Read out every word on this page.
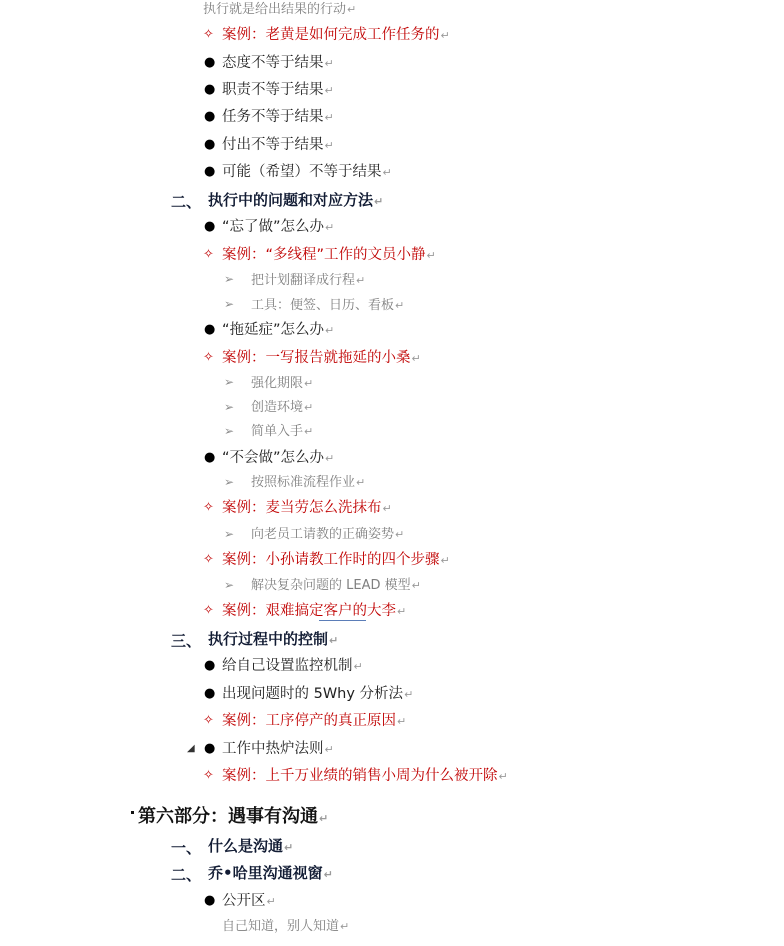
执行就是给出结果的行动↵
✧ 案例：老黄是如何完成工作任务的↵
● 态度不等于结果↵
● 职责不等于结果↵
● 任务不等于结果↵
● 付出不等于结果↵
● 可能（希望）不等于结果↵
二、 执行中的问题和对应方法↵
● “忘了做”怎么办↵
✧ 案例：“多线程”工作的文员小静↵
➢ 把计划翻译成行程↵
➢ 工具：便签、日历、看板↵
● “拖延症”怎么办↵
✧ 案例：一写报告就拖延的小桑↵
➢ 强化期限↵
➢ 创造环境↵
➢ 简单入手↵
● “不会做”怎么办↵
➢ 按照标准流程作业↵
✧ 案例：麦当劳怎么洗抹布↵
➢ 向老员工请教的正确姿势↵
✧ 案例：小孙请教工作时的四个步骤↵
➢ 解决复杂问题的 LEAD 模型↵
✧ 案例：艰难搞定客户的大李↵
三、 执行过程中的控制↵
● 给自己设置监控机制↵
● 出现问题时的 5Why 分析法↵
✧ 案例：工序停产的真正原因↵
◢ ● 工作中热炉法则↵
✧ 案例：上千万业绩的销售小周为什么被开除↵
第六部分：遇事有沟通↵
一、 什么是沟通↵
二、 乔•哈里沟通视窗↵
● 公开区↵
自己知道，别人知道↵
